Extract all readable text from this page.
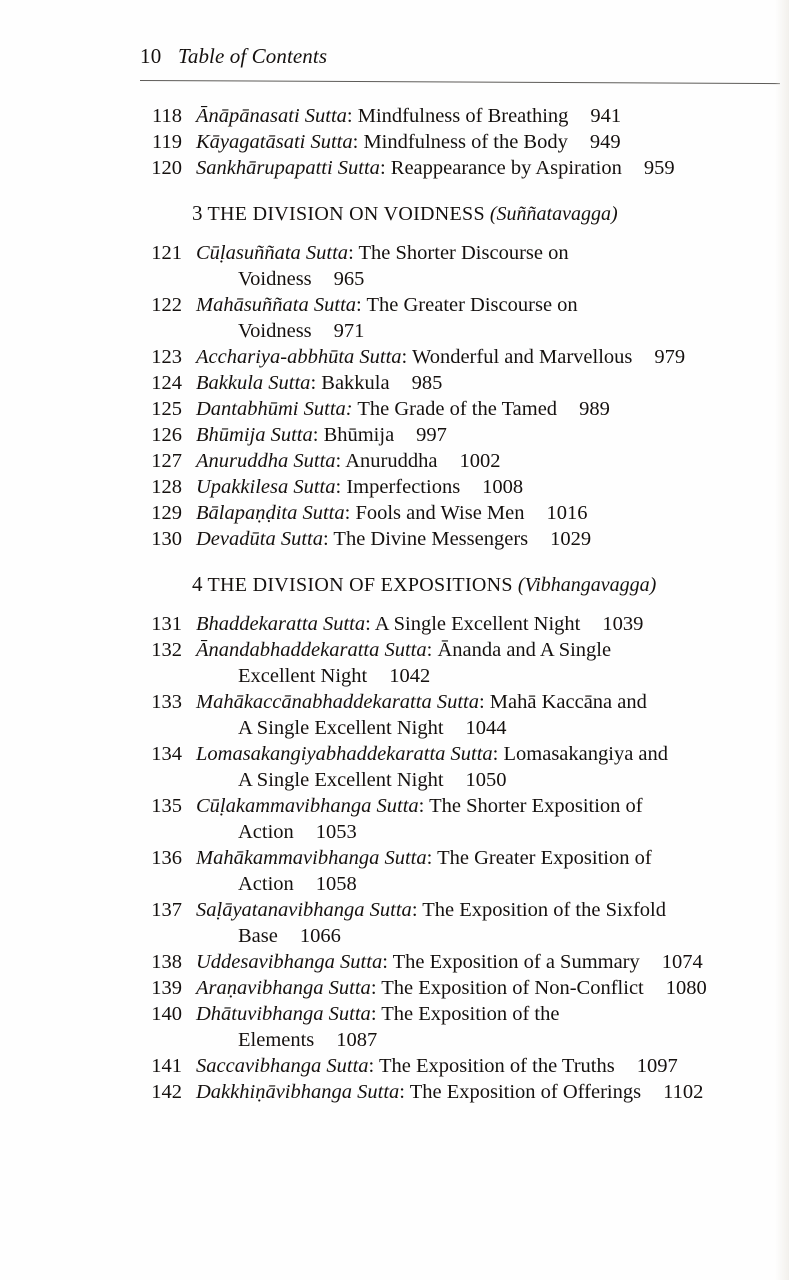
10 Table of Contents
118 Ānāpānasati Sutta: Mindfulness of Breathing 941
119 Kāyagatāsati Sutta: Mindfulness of the Body 949
120 Sankhārupapatti Sutta: Reappearance by Aspiration 959
3 THE DIVISION ON VOIDNESS (Suññatavagga)
121 Cūḷasuññata Sutta: The Shorter Discourse on
Voidness 965
122 Mahāsuññata Sutta: The Greater Discourse on
Voidness 971
123 Acchariya-abbhūta Sutta: Wonderful and Marvellous 979
124 Bakkula Sutta: Bakkula 985
125 Dantabhūmi Sutta: The Grade of the Tamed 989
126 Bhūmija Sutta: Bhūmija 997
127 Anuruddha Sutta: Anuruddha 1002
128 Upakkilesa Sutta: Imperfections 1008
129 Bālapaṇḍita Sutta: Fools and Wise Men 1016
130 Devadūta Sutta: The Divine Messengers 1029
4 THE DIVISION OF EXPOSITIONS (Vibhangavagga)
131 Bhaddekaratta Sutta: A Single Excellent Night 1039
132 Ānandabhaddekaratta Sutta: Ānanda and A Single
Excellent Night 1042
133 Mahākaccānabhaddekaratta Sutta: Mahā Kaccāna and
A Single Excellent Night 1044
134 Lomasakangiyabhaddekaratta Sutta: Lomasakangiya and
A Single Excellent Night 1050
135 Cūḷakammavibhanga Sutta: The Shorter Exposition of
Action 1053
136 Mahākammavibhanga Sutta: The Greater Exposition of
Action 1058
137 Saḷāyatanavibhanga Sutta: The Exposition of the Sixfold
Base 1066
138 Uddesavibhanga Sutta: The Exposition of a Summary 1074
139 Araṇavibhanga Sutta: The Exposition of Non-Conflict 1080
140 Dhātuvibhanga Sutta: The Exposition of the
Elements 1087
141 Saccavibhanga Sutta: The Exposition of the Truths 1097
142 Dakkhiṇāvibhanga Sutta: The Exposition of Offerings 1102
